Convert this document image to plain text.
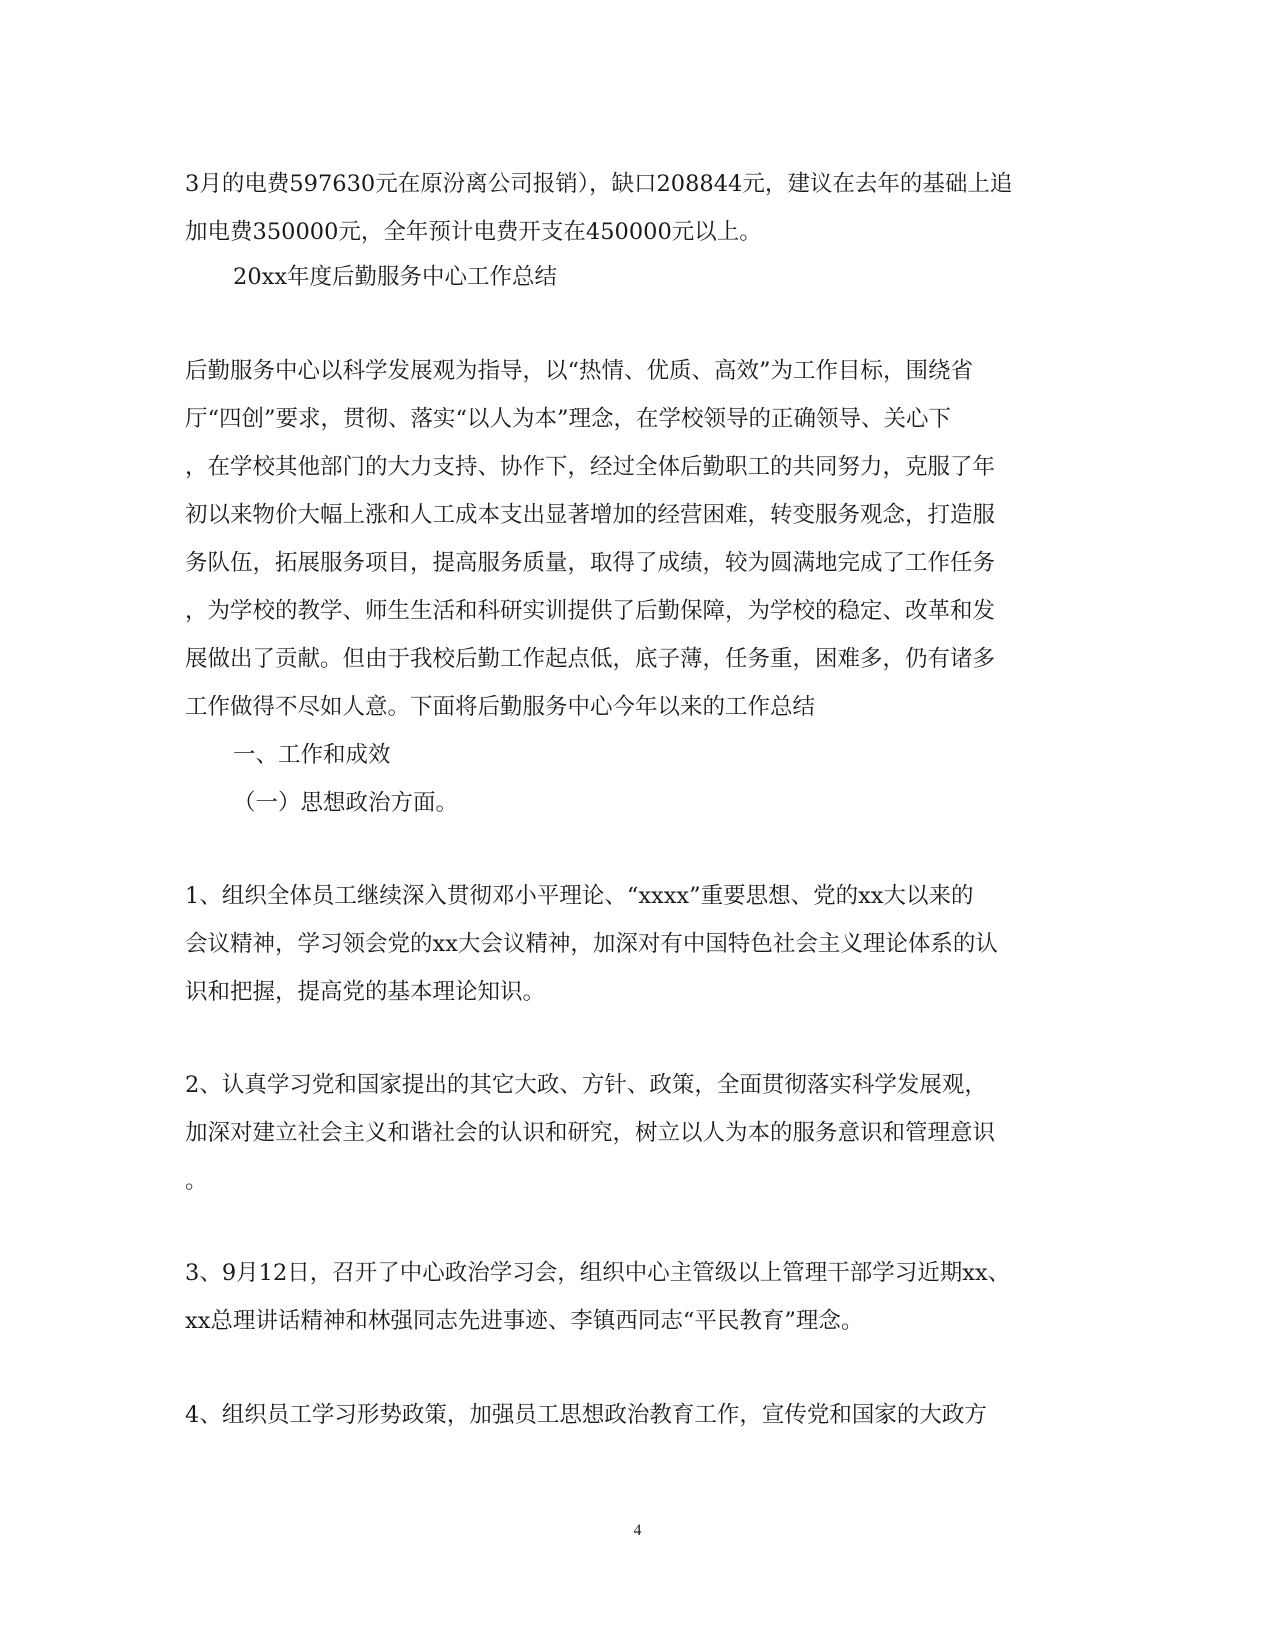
3月的电费597630元在原汾离公司报销），缺口208844元，建议在去年的基础上追
加电费350000元，全年预计电费开支在450000元以上。
20xx年度后勤服务中心工作总结
后勤服务中心以科学发展观为指导，以“热情、优质、高效”为工作目标，围绕省
厅“四创”要求，贯彻、落实“以人为本”理念，在学校领导的正确领导、关心下
，在学校其他部门的大力支持、协作下，经过全体后勤职工的共同努力，克服了年
初以来物价大幅上涨和人工成本支出显著增加的经营困难，转变服务观念，打造服
务队伍，拓展服务项目，提高服务质量，取得了成绩，较为圆满地完成了工作任务
，为学校的教学、师生生活和科研实训提供了后勤保障，为学校的稳定、改革和发
展做出了贡献。但由于我校后勤工作起点低，底子薄，任务重，困难多，仍有诸多
工作做得不尽如人意。下面将后勤服务中心今年以来的工作总结
一、工作和成效
（一）思想政治方面。
1、组织全体员工继续深入贯彻邓小平理论、“xxxx”重要思想、党的xx大以来的
会议精神，学习领会党的xx大会议精神，加深对有中国特色社会主义理论体系的认
识和把握，提高党的基本理论知识。
2、认真学习党和国家提出的其它大政、方针、政策，全面贯彻落实科学发展观，
加深对建立社会主义和谐社会的认识和研究，树立以人为本的服务意识和管理意识
。
3、9月12日，召开了中心政治学习会，组织中心主管级以上管理干部学习近期xx、
xx总理讲话精神和林强同志先进事迹、李镇西同志“平民教育”理念。
4、组织员工学习形势政策，加强员工思想政治教育工作，宣传党和国家的大政方
4
